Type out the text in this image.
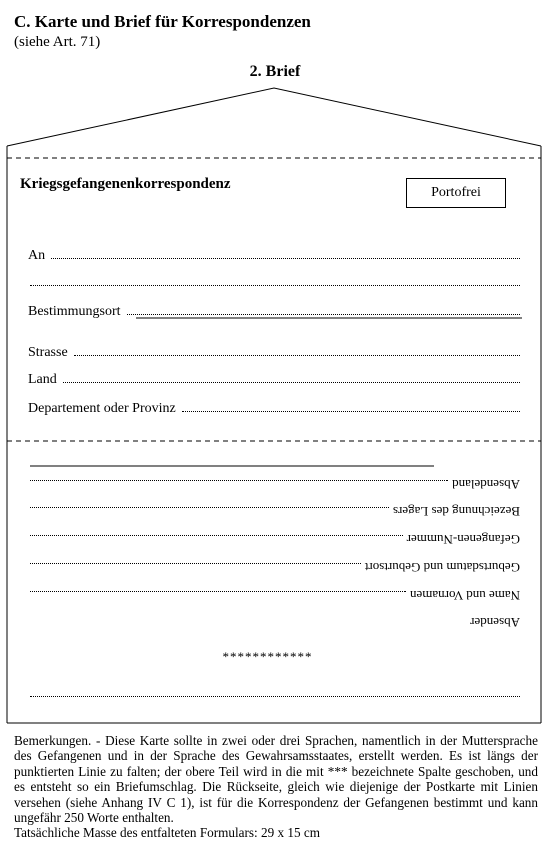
C. Karte und Brief für Korrespondenzen
(siehe Art. 71)
2. Brief
Kriegsgefangenenkorrespondenz
Portofrei
An
Bestimmungsort
Strasse
Land
Departement oder Provinz
Absendeland
Bezeichnung des Lagers
Gefangenen-Nummer
Geburtsdatum und Geburtsort
Name und Vornamen
Absender
************

Bemerkungen. - Diese Karte sollte in zwei oder drei Sprachen, namentlich in der Muttersprache des Gefangenen und in der Sprache des Gewahrsamsstaates, erstellt werden. Es ist längs der punktierten Linie zu falten; der obere Teil wird in die mit *** bezeichnete Spalte geschoben, und es entsteht so ein Briefumschlag. Die Rückseite, gleich wie diejenige der Postkarte mit Linien versehen (siehe Anhang IV C 1), ist für die Korrespondenz der Gefangenen bestimmt und kann ungefähr 250 Worte enthalten.

Tatsächliche Masse des entfalteten Formulars: 29 x 15 cm
